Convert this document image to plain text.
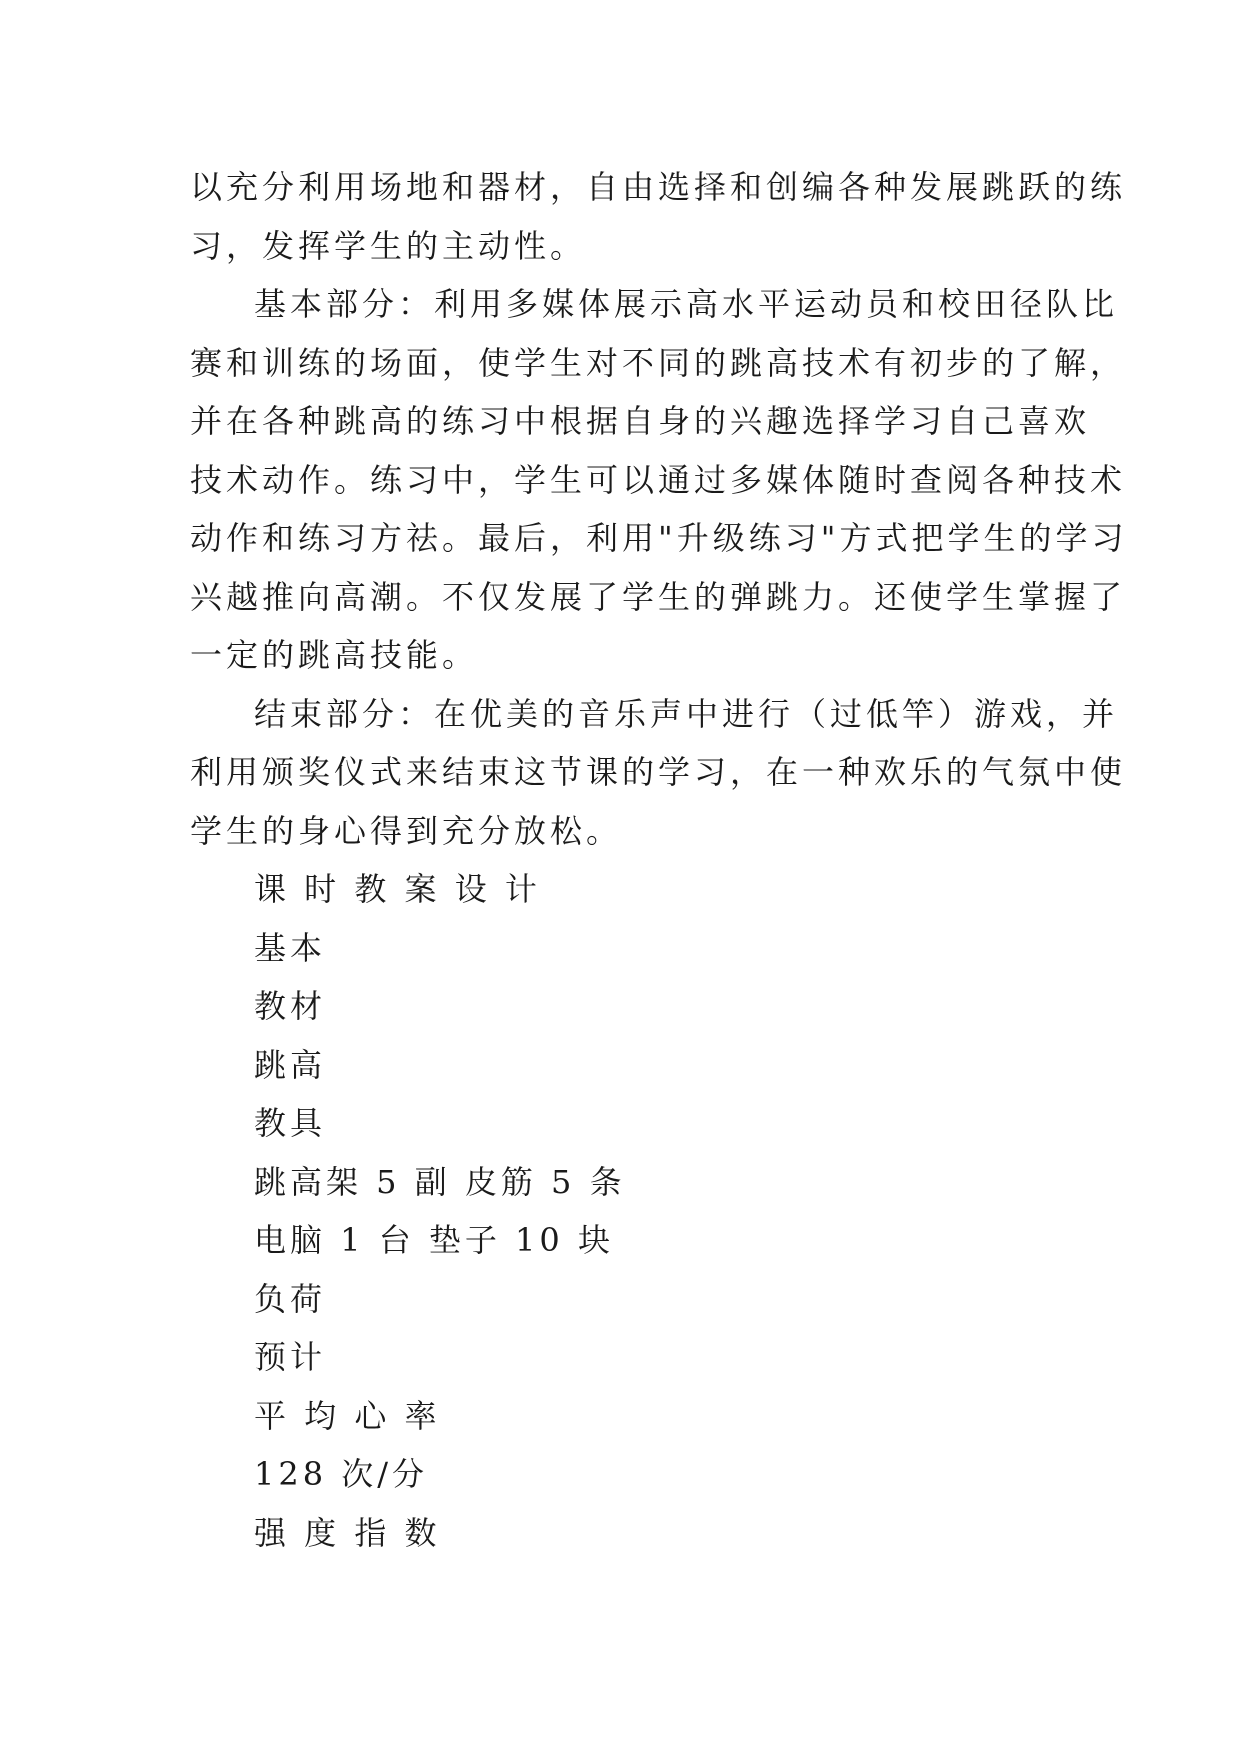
以充分利用场地和器材，自由选择和创编各种发展跳跃的练
习，发挥学生的主动性。
基本部分：利用多媒体展示高水平运动员和校田径队比
赛和训练的场面，使学生对不同的跳高技术有初步的了解，
并在各种跳高的练习中根据自身的兴趣选择学习自己喜欢
技术动作。练习中，学生可以通过多媒体随时查阅各种技术
动作和练习方祛。最后，利用"升级练习"方式把学生的学习
兴越推向高潮。不仅发展了学生的弹跳力。还使学生掌握了
一定的跳高技能。
结束部分：在优美的音乐声中进行（过低竿）游戏，并
利用颁奖仪式来结束这节课的学习，在一种欢乐的气氛中使
学生的身心得到充分放松。
课 时 教 案 设 计
基本
教材
跳高
教具
跳高架 5 副 皮筋 5 条
电脑 1 台 垫子 10 块
负荷
预计
平 均 心 率
128 次/分
强 度 指 数
